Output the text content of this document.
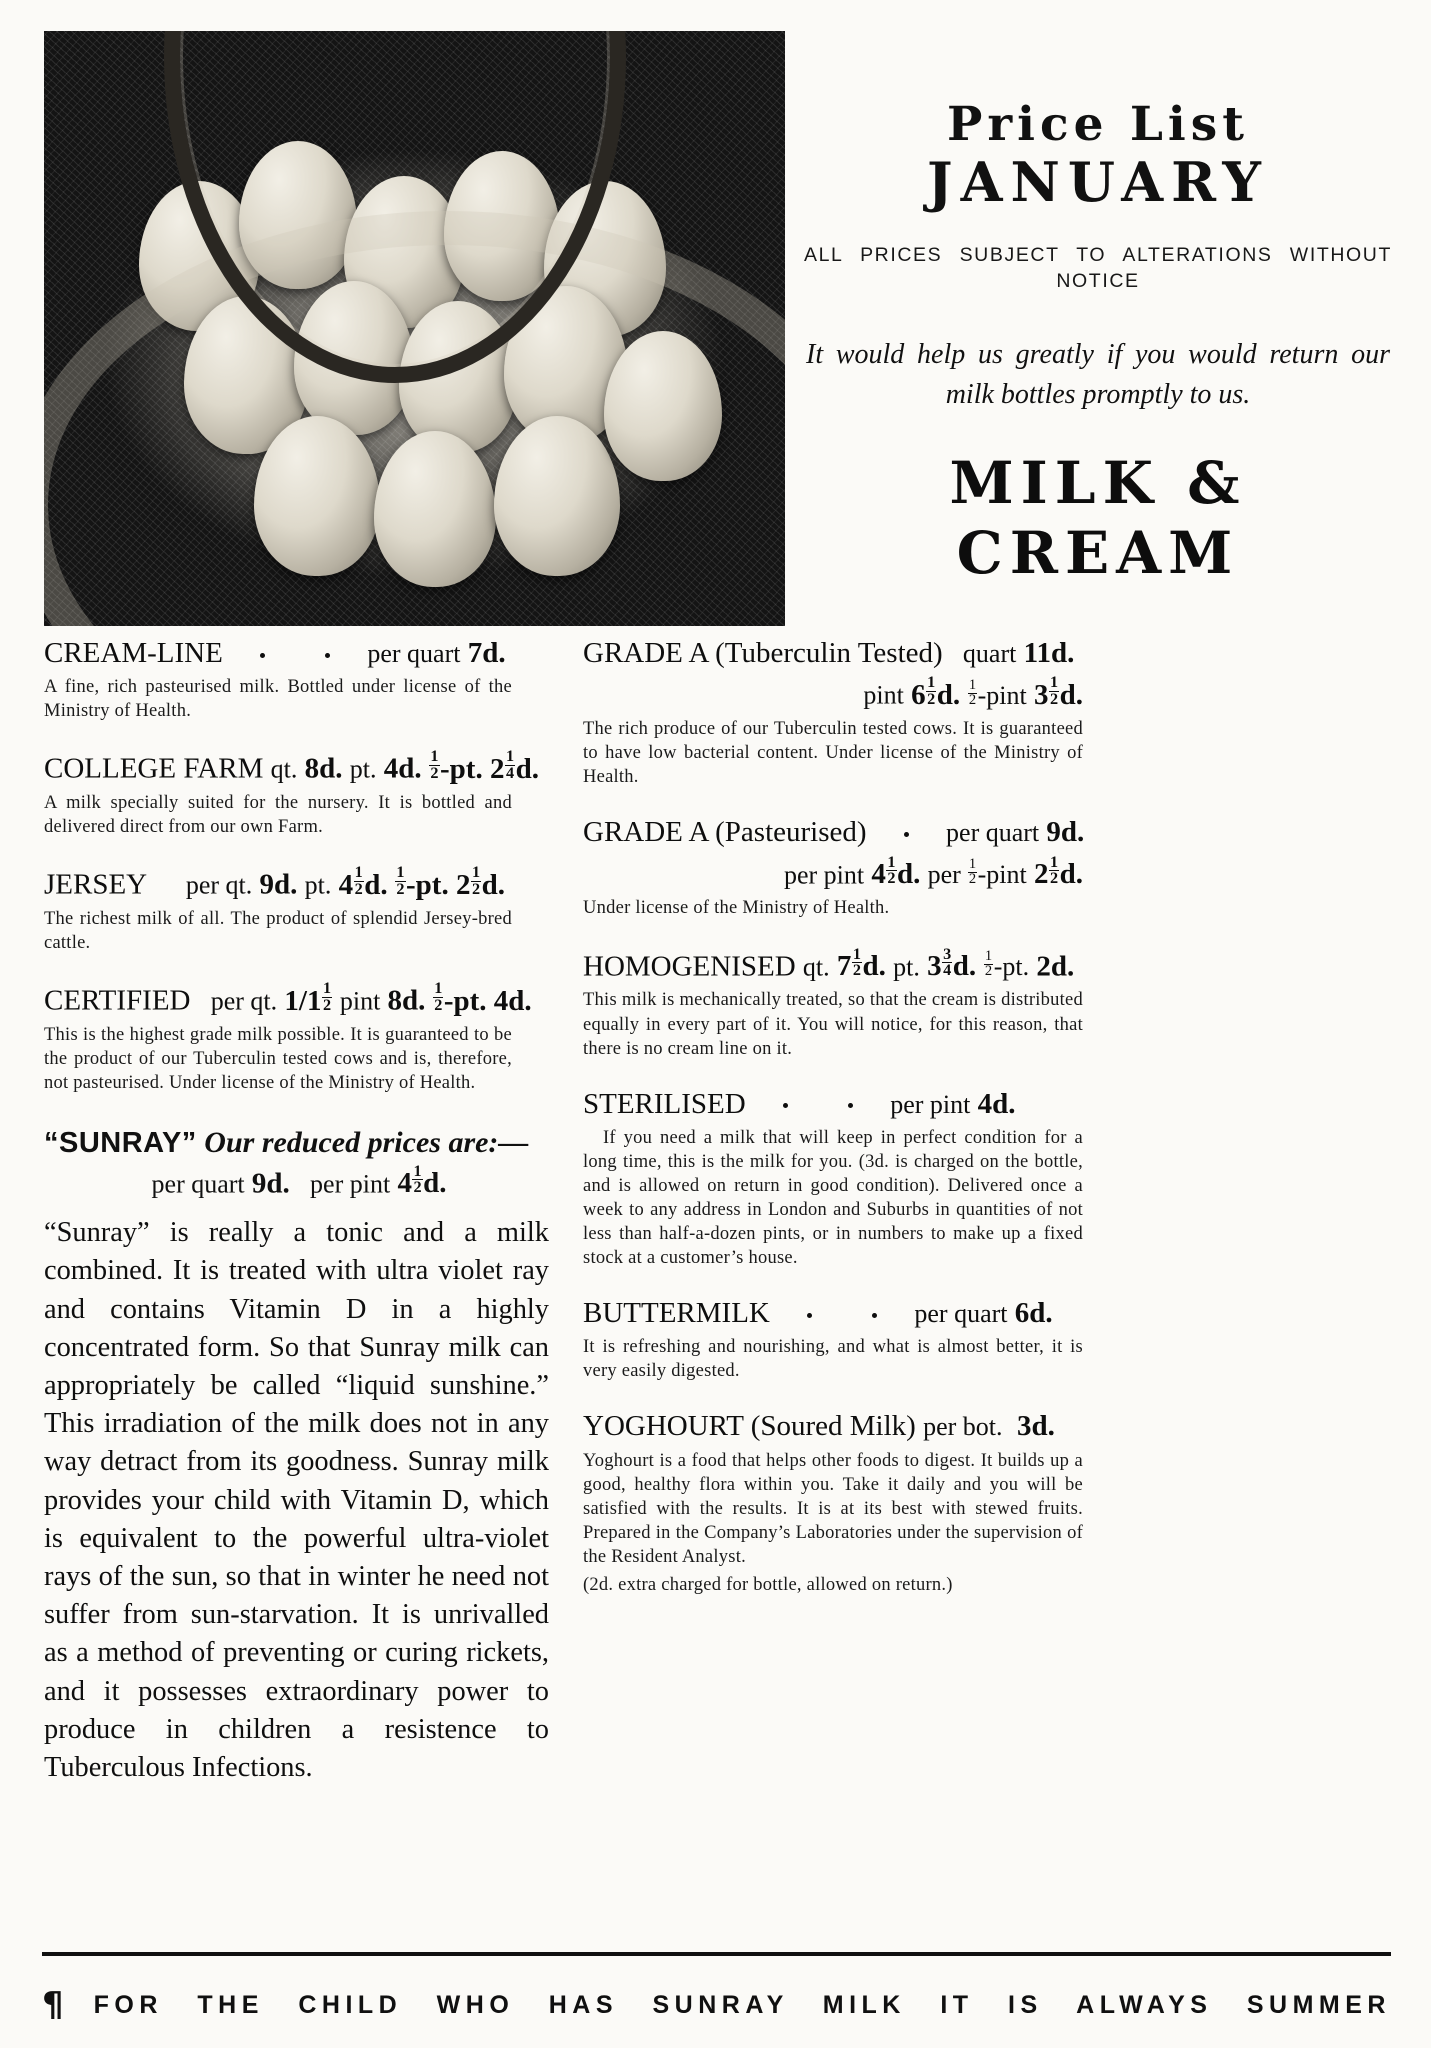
Price List
JANUARY

ALL PRICES SUBJECT TO ALTERATIONS WITHOUT NOTICE

It would help us greatly if you would return our milk bottles promptly to us.

MILK &
CREAM
CREAM-LINE	per quart 7d.

A fine, rich pasteurised milk. Bottled under license of the Ministry of Health.

COLLEGE FARM qt. 8d. pt. 4d. $\frac{1}{2} -pt$. $2 \frac{1}{4} d$.

A milk specially suited for the nursery. It is bottled and delivered direct from our own Farm.

JERSEY      per qt. 9d. pt. $4 \frac{1}{2} d$. $\frac{1}{2} -pt$. $2 \frac{1}{2} d$.

The richest milk of all. The product of splendid Jersey-bred cattle.

CERTIFIED   per qt. $1/1 \frac{1}{2}$ pint 8d. $\frac{1}{2} -pt$. 4d.

This is the highest grade milk possible. It is guaranteed to be the product of our Tuberculin tested cows and is, therefore, not pasteurised. Under license of the Ministry of Health.

“SUNRAY” Our reduced prices are:—
per quart 9d.   per pint $4 \frac{1}{2} d$.

“Sunray” is really a tonic and a milk combined. It is treated with ultra violet ray and contains Vitamin D in a highly concentrated form. So that Sunray milk can appropriately be called “liquid sunshine.” This irradiation of the milk does not in any way detract from its goodness. Sunray milk provides your child with Vitamin D, which is equivalent to the powerful ultra-violet rays of the sun, so that in winter he need not suffer from sun-starvation. It is unrivalled as a method of preventing or curing rickets, and it possesses extraordinary power to produce in children a resistence to Tuberculous Infections.

GRADE A (Tuberculin Tested)   quart 11d.
pint $6 \frac{1}{2} d$. $\frac{1}{2}$ -pint $3 \frac{1}{2} d$.

The rich produce of our Tuberculin tested cows. It is guaranteed to have low bacterial content. Under license of the Ministry of Health.

GRADE A (Pasteurised)	per quart 9d.
per pint $4 \frac{1}{2} d$. per $\frac{1}{2}$ -pint $2 \frac{1}{2} d$.

Under license of the Ministry of Health.

HOMOGENISED qt. $7 \frac{1}{2} d$. pt. $3 \frac{3}{4} d$. $\frac{1}{2} -pt$. 2d.

This milk is mechanically treated, so that the cream is distributed equally in every part of it. You will notice, for this reason, that there is no cream line on it.

STERILISED	per pint 4d.

If you need a milk that will keep in perfect condition for a long time, this is the milk for you. (3d. is charged on the bottle, and is allowed on return in good condition). Delivered once a week to any address in London and Suburbs in quantities of not less than half-a-dozen pints, or in numbers to make up a fixed stock at a customer’s house.

BUTTERMILK	per quart 6d.

It is refreshing and nourishing, and what is almost better, it is very easily digested.

YOGHOURT (Soured Milk) per bot.  3d.

Yoghourt is a food that helps other foods to digest. It builds up a good, healthy flora within you. Take it daily and you will be satisfied with the results. It is at its best with stewed fruits. Prepared in the Company’s Laboratories under the supervision of the Resident Analyst.

(2d. extra charged for bottle, allowed on return.)

¶ FOR THE CHILD WHO HAS SUNRAY MILK IT IS ALWAYS SUMMER
